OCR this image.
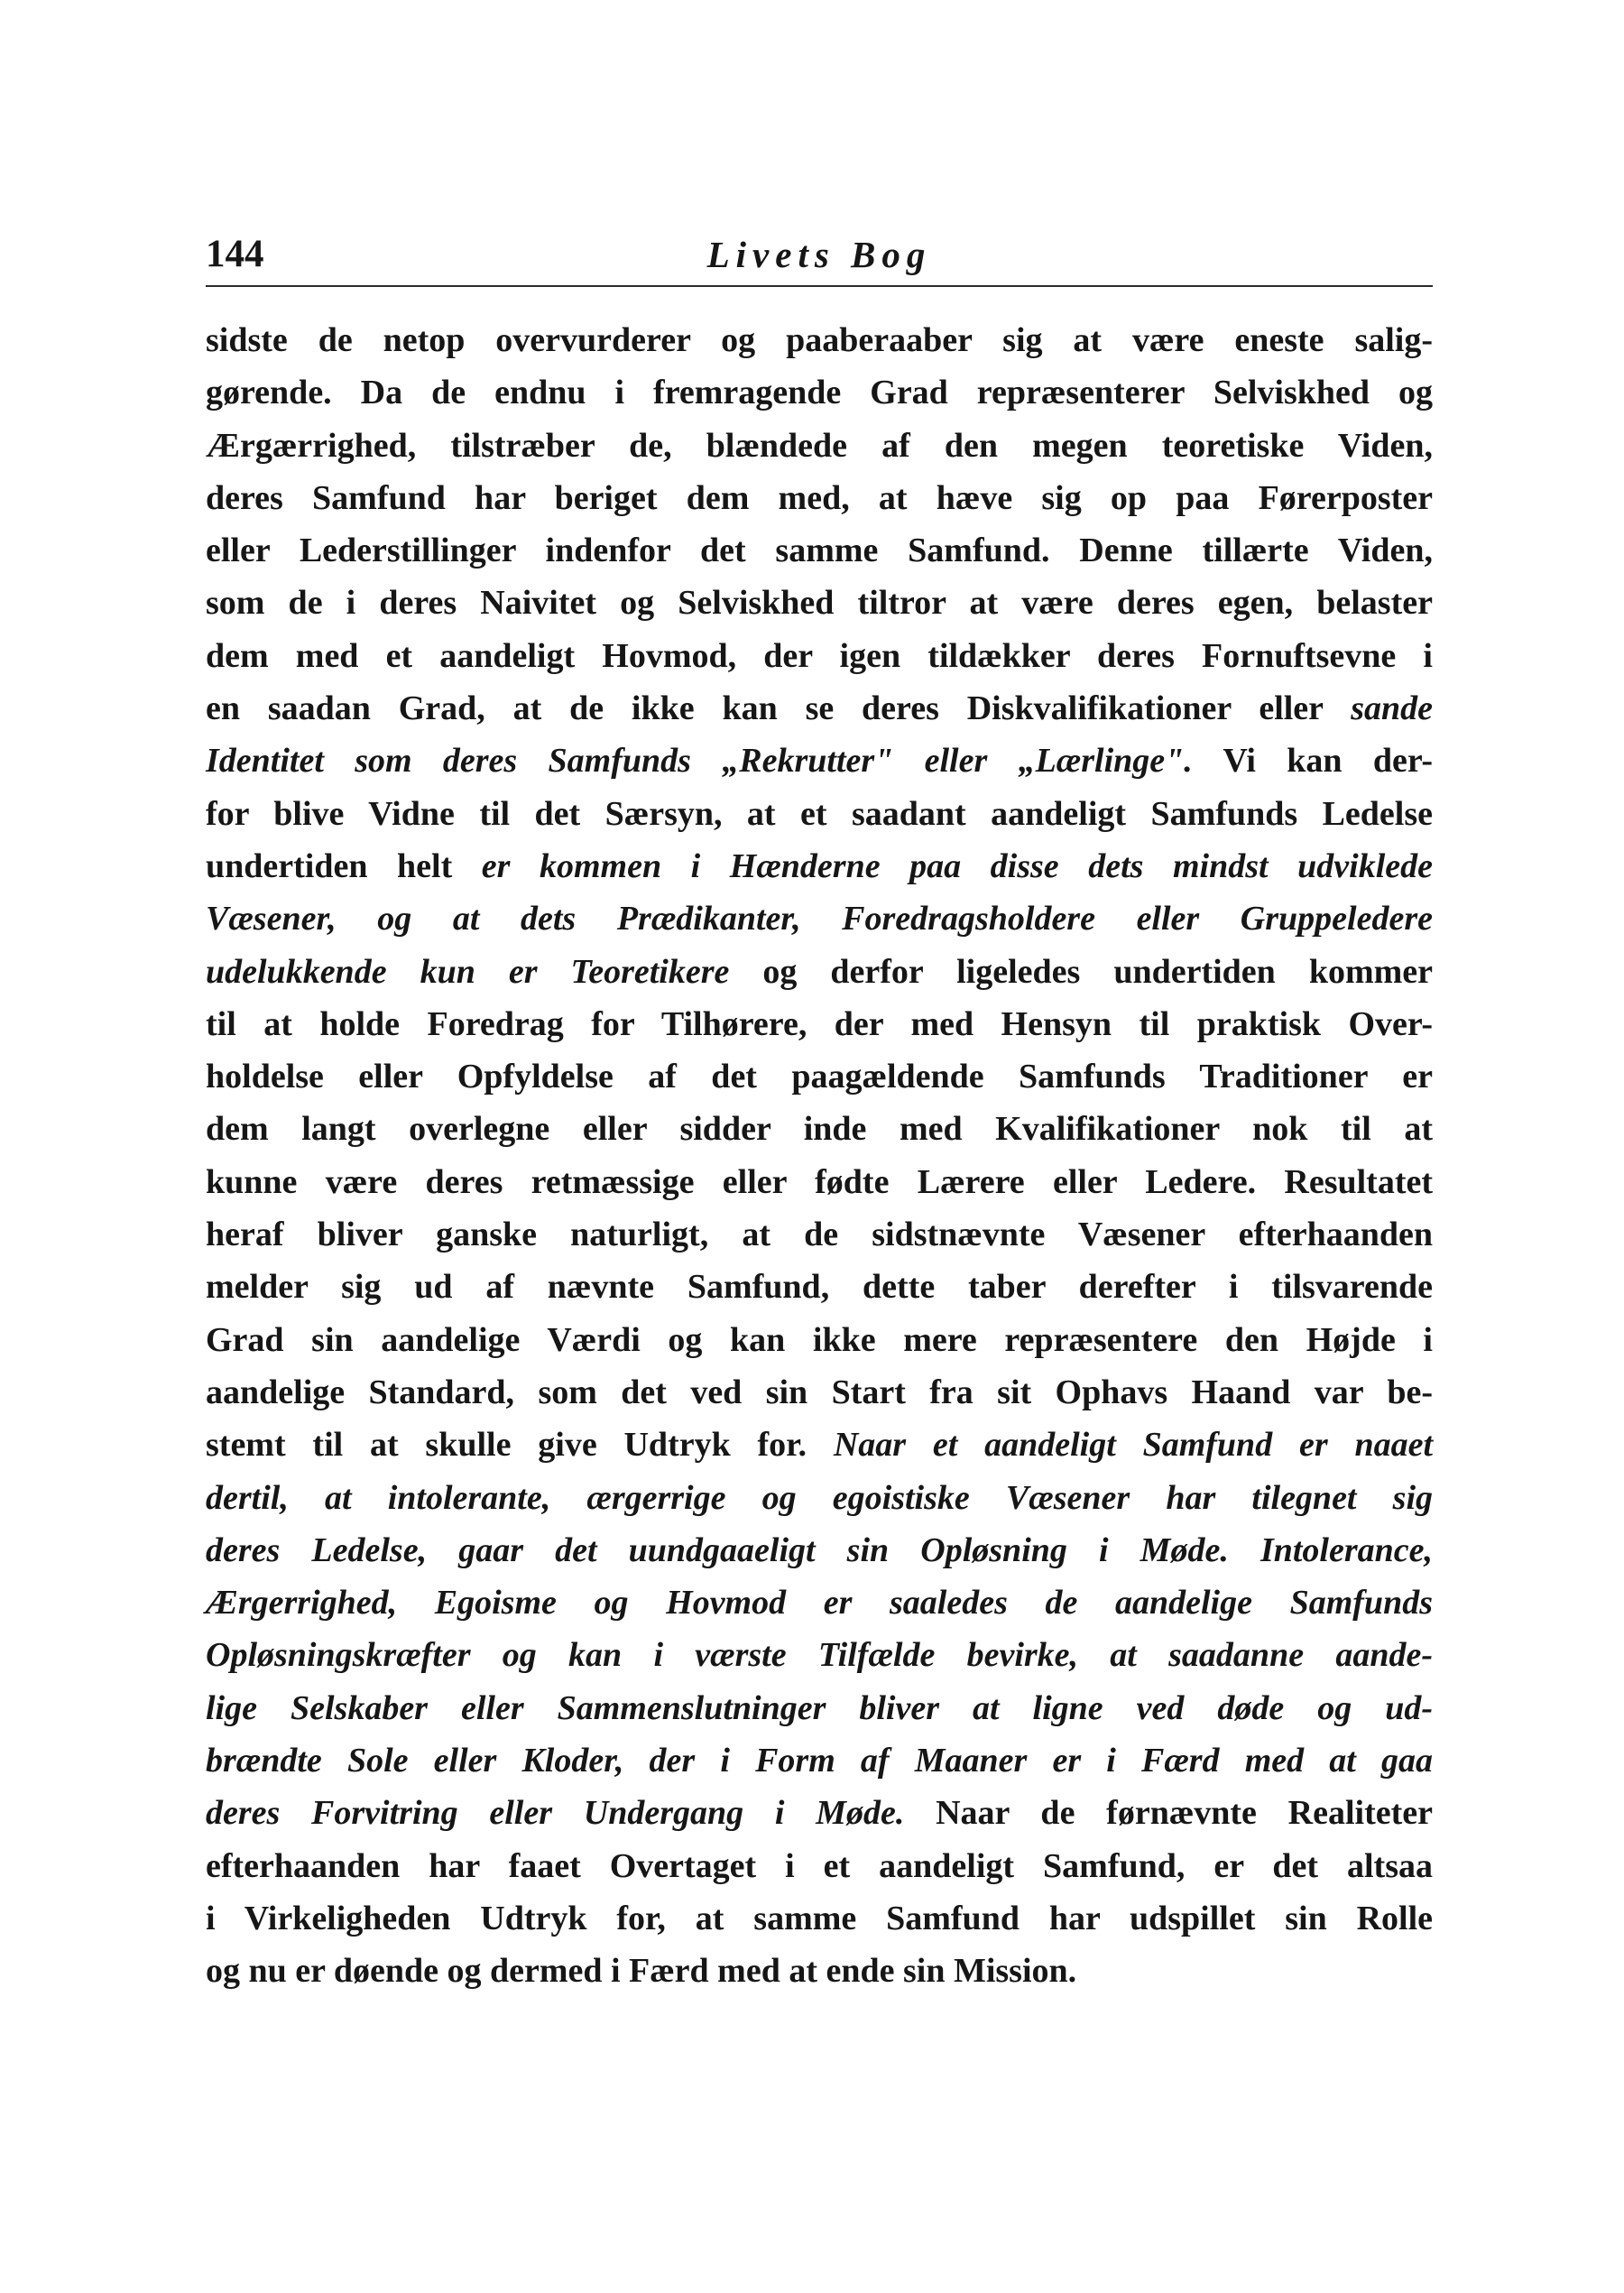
144	Livets Bog
sidste de netop overvurderer og paaberaaber sig at være eneste salig-
gørende. Da de endnu i fremragende Grad repræsenterer Selviskhed og
Ærgærrighed, tilstræber de, blændede af den megen teoretiske Viden,
deres Samfund har beriget dem med, at hæve sig op paa Førerposter
eller Lederstillinger indenfor det samme Samfund. Denne tillærte Viden,
som de i deres Naivitet og Selviskhed tiltror at være deres egen, belaster
dem med et aandeligt Hovmod, der igen tildækker deres Fornuftsevne i
en saadan Grad, at de ikke kan se deres Diskvalifikationer eller sande
Identitet som deres Samfunds „Rekrutter" eller „Lærlinge". Vi kan der-
for blive Vidne til det Særsyn, at et saadant aandeligt Samfunds Ledelse
undertiden helt er kommen i Hænderne paa disse dets mindst udviklede
Væsener, og at dets Prædikanter, Foredragsholdere eller Gruppeledere
udelukkende kun er Teoretikere og derfor ligeledes undertiden kommer
til at holde Foredrag for Tilhørere, der med Hensyn til praktisk Over-
holdelse eller Opfyldelse af det paagældende Samfunds Traditioner er
dem langt overlegne eller sidder inde med Kvalifikationer nok til at
kunne være deres retmæssige eller fødte Lærere eller Ledere. Resultatet
heraf bliver ganske naturligt, at de sidstnævnte Væsener efterhaanden
melder sig ud af nævnte Samfund, dette taber derefter i tilsvarende
Grad sin aandelige Værdi og kan ikke mere repræsentere den Højde i
aandelige Standard, som det ved sin Start fra sit Ophavs Haand var be-
stemt til at skulle give Udtryk for. Naar et aandeligt Samfund er naaet
dertil, at intolerante, ærgerrige og egoistiske Væsener har tilegnet sig
deres Ledelse, gaar det uundgaaeligt sin Opløsning i Møde. Intolerance,
Ærgerrighed, Egoisme og Hovmod er saaledes de aandelige Samfunds
Opløsningskræfter og kan i værste Tilfælde bevirke, at saadanne aande-
lige Selskaber eller Sammenslutninger bliver at ligne ved døde og ud-
brændte Sole eller Kloder, der i Form af Maaner er i Færd med at gaa
deres Forvitring eller Undergang i Møde. Naar de førnævnte Realiteter
efterhaanden har faaet Overtaget i et aandeligt Samfund, er det altsaa
i Virkeligheden Udtryk for, at samme Samfund har udspillet sin Rolle
og nu er døende og dermed i Færd med at ende sin Mission.
